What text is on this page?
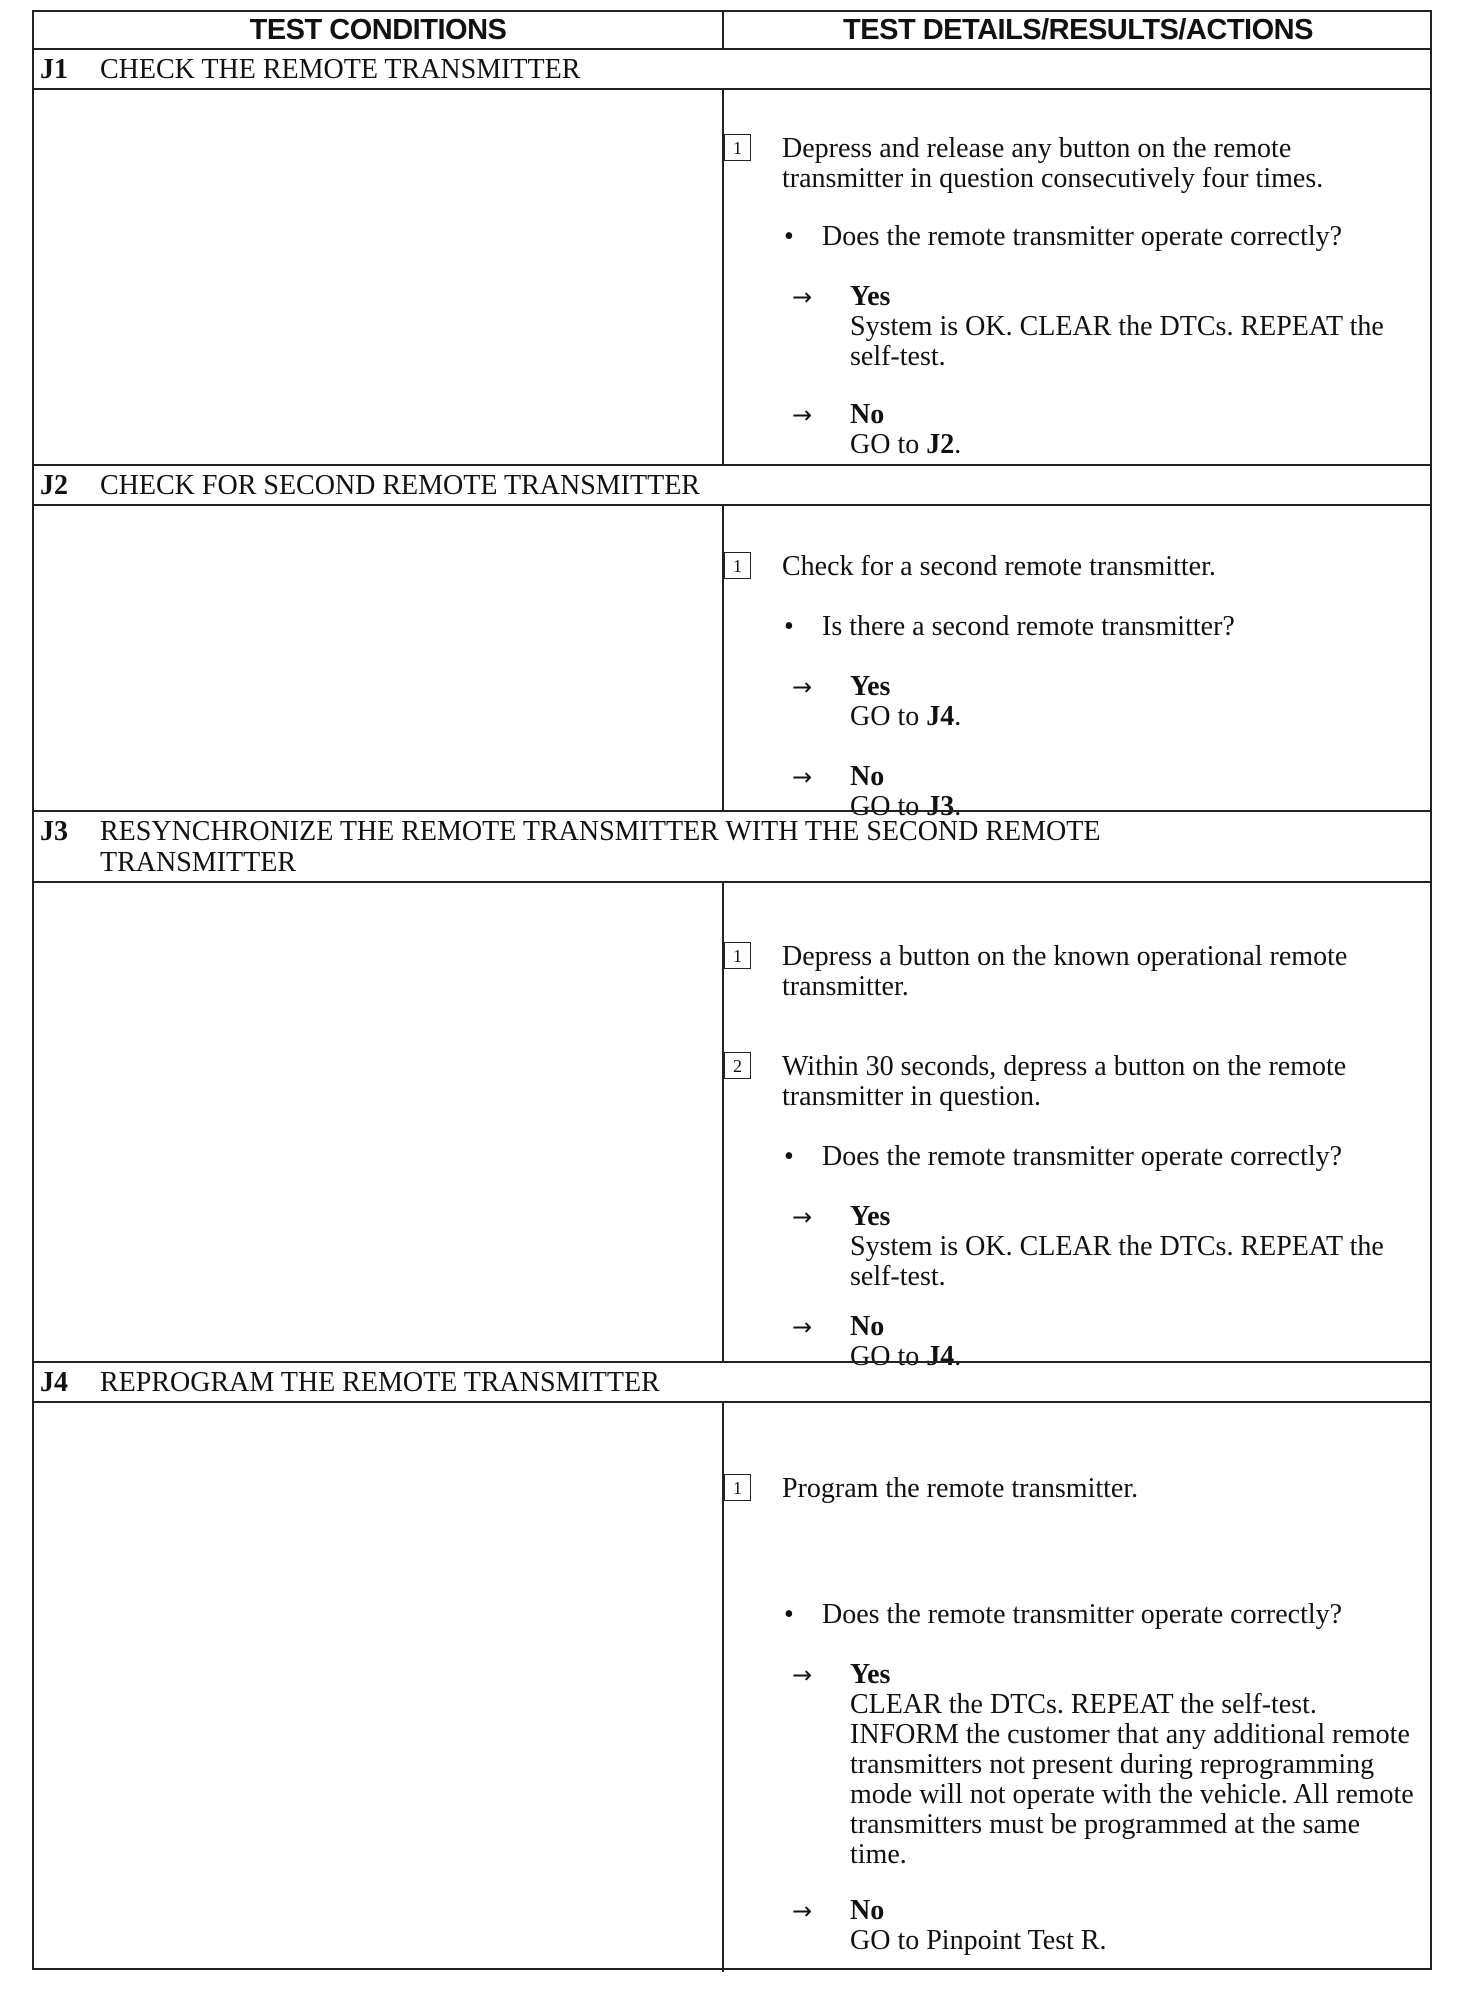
TEST CONDITIONS	TEST DETAILS/RESULTS/ACTIONS
J1 CHECK THE REMOTE TRANSMITTER
1	Depress and release any button on the remote transmitter in question consecutively four times.
• Does the remote transmitter operate correctly?
→ Yes
System is OK. CLEAR the DTCs. REPEAT the self-test.
→ No
GO to J2.
J2 CHECK FOR SECOND REMOTE TRANSMITTER
1	Check for a second remote transmitter.
• Is there a second remote transmitter?
→ Yes
GO to J4.
→ No
GO to J3.
J3 RESYNCHRONIZE THE REMOTE TRANSMITTER WITH THE SECOND REMOTE
TRANSMITTER
1	Depress a button on the known operational remote transmitter.
2	Within 30 seconds, depress a button on the remote transmitter in question.
• Does the remote transmitter operate correctly?
→ Yes
System is OK. CLEAR the DTCs. REPEAT the self-test.
→ No
GO to J4.
J4 REPROGRAM THE REMOTE TRANSMITTER
1	Program the remote transmitter.
• Does the remote transmitter operate correctly?
→ Yes
CLEAR the DTCs. REPEAT the self-test. INFORM the customer that any additional remote transmitters not present during reprogramming mode will not operate with the vehicle. All remote transmitters must be programmed at the same time.
→ No
GO to Pinpoint Test R.
